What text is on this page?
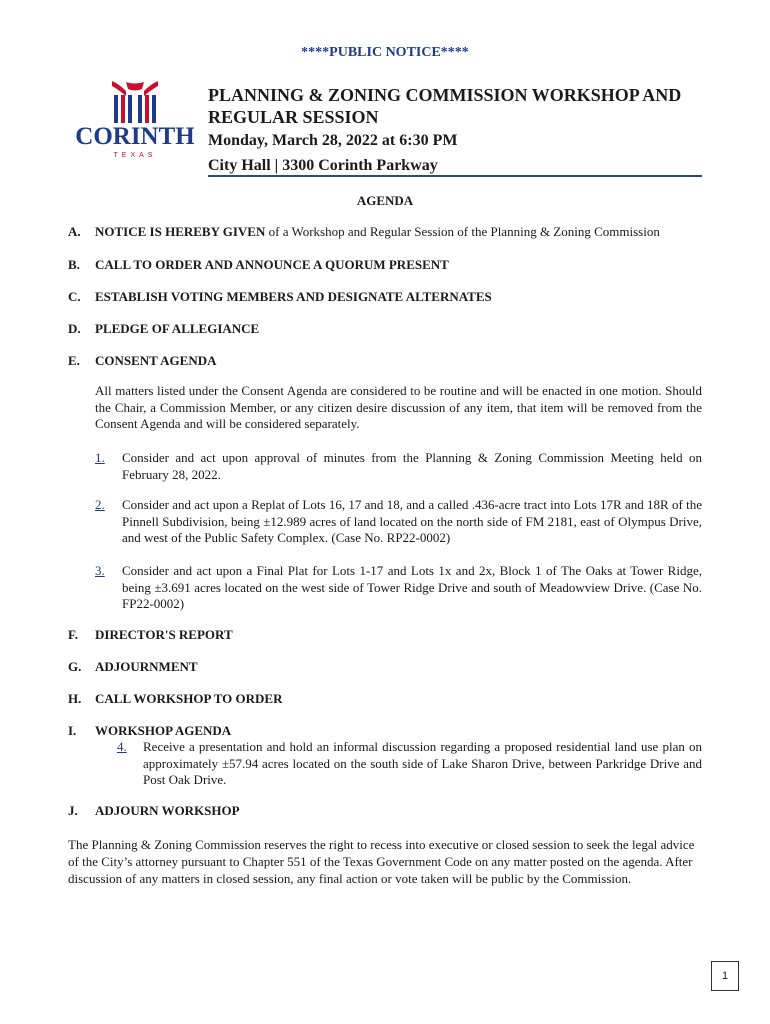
****PUBLIC NOTICE****
CORINTH
TEXAS
PLANNING & ZONING COMMISSION WORKSHOP AND REGULAR SESSION
Monday, March 28, 2022 at 6:30 PM
City Hall | 3300 Corinth Parkway
AGENDA
A. NOTICE IS HEREBY GIVEN of a Workshop and Regular Session of the Planning & Zoning Commission
B. CALL TO ORDER AND ANNOUNCE A QUORUM PRESENT
C. ESTABLISH VOTING MEMBERS AND DESIGNATE ALTERNATES
D. PLEDGE OF ALLEGIANCE
E. CONSENT AGENDA
All matters listed under the Consent Agenda are considered to be routine and will be enacted in one motion. Should the Chair, a Commission Member, or any citizen desire discussion of any item, that item will be removed from the Consent Agenda and will be considered separately.
1. Consider and act upon approval of minutes from the Planning & Zoning Commission Meeting held on February 28, 2022.
2. Consider and act upon a Replat of Lots 16, 17 and 18, and a called .436-acre tract into Lots 17R and 18R of the Pinnell Subdivision, being ±12.989 acres of land located on the north side of FM 2181, east of Olympus Drive, and west of the Public Safety Complex. (Case No. RP22-0002)
3. Consider and act upon a Final Plat for Lots 1-17 and Lots 1x and 2x, Block 1 of The Oaks at Tower Ridge, being ±3.691 acres located on the west side of Tower Ridge Drive and south of Meadowview Drive. (Case No. FP22-0002)
F. DIRECTOR'S REPORT
G. ADJOURNMENT
H. CALL WORKSHOP TO ORDER
I. WORKSHOP AGENDA
4. Receive a presentation and hold an informal discussion regarding a proposed residential land use plan on approximately ±57.94 acres located on the south side of Lake Sharon Drive, between Parkridge Drive and Post Oak Drive.
J. ADJOURN WORKSHOP
The Planning & Zoning Commission reserves the right to recess into executive or closed session to seek the legal advice of the City’s attorney pursuant to Chapter 551 of the Texas Government Code on any matter posted on the agenda. After discussion of any matters in closed session, any final action or vote taken will be public by the Commission.
1
